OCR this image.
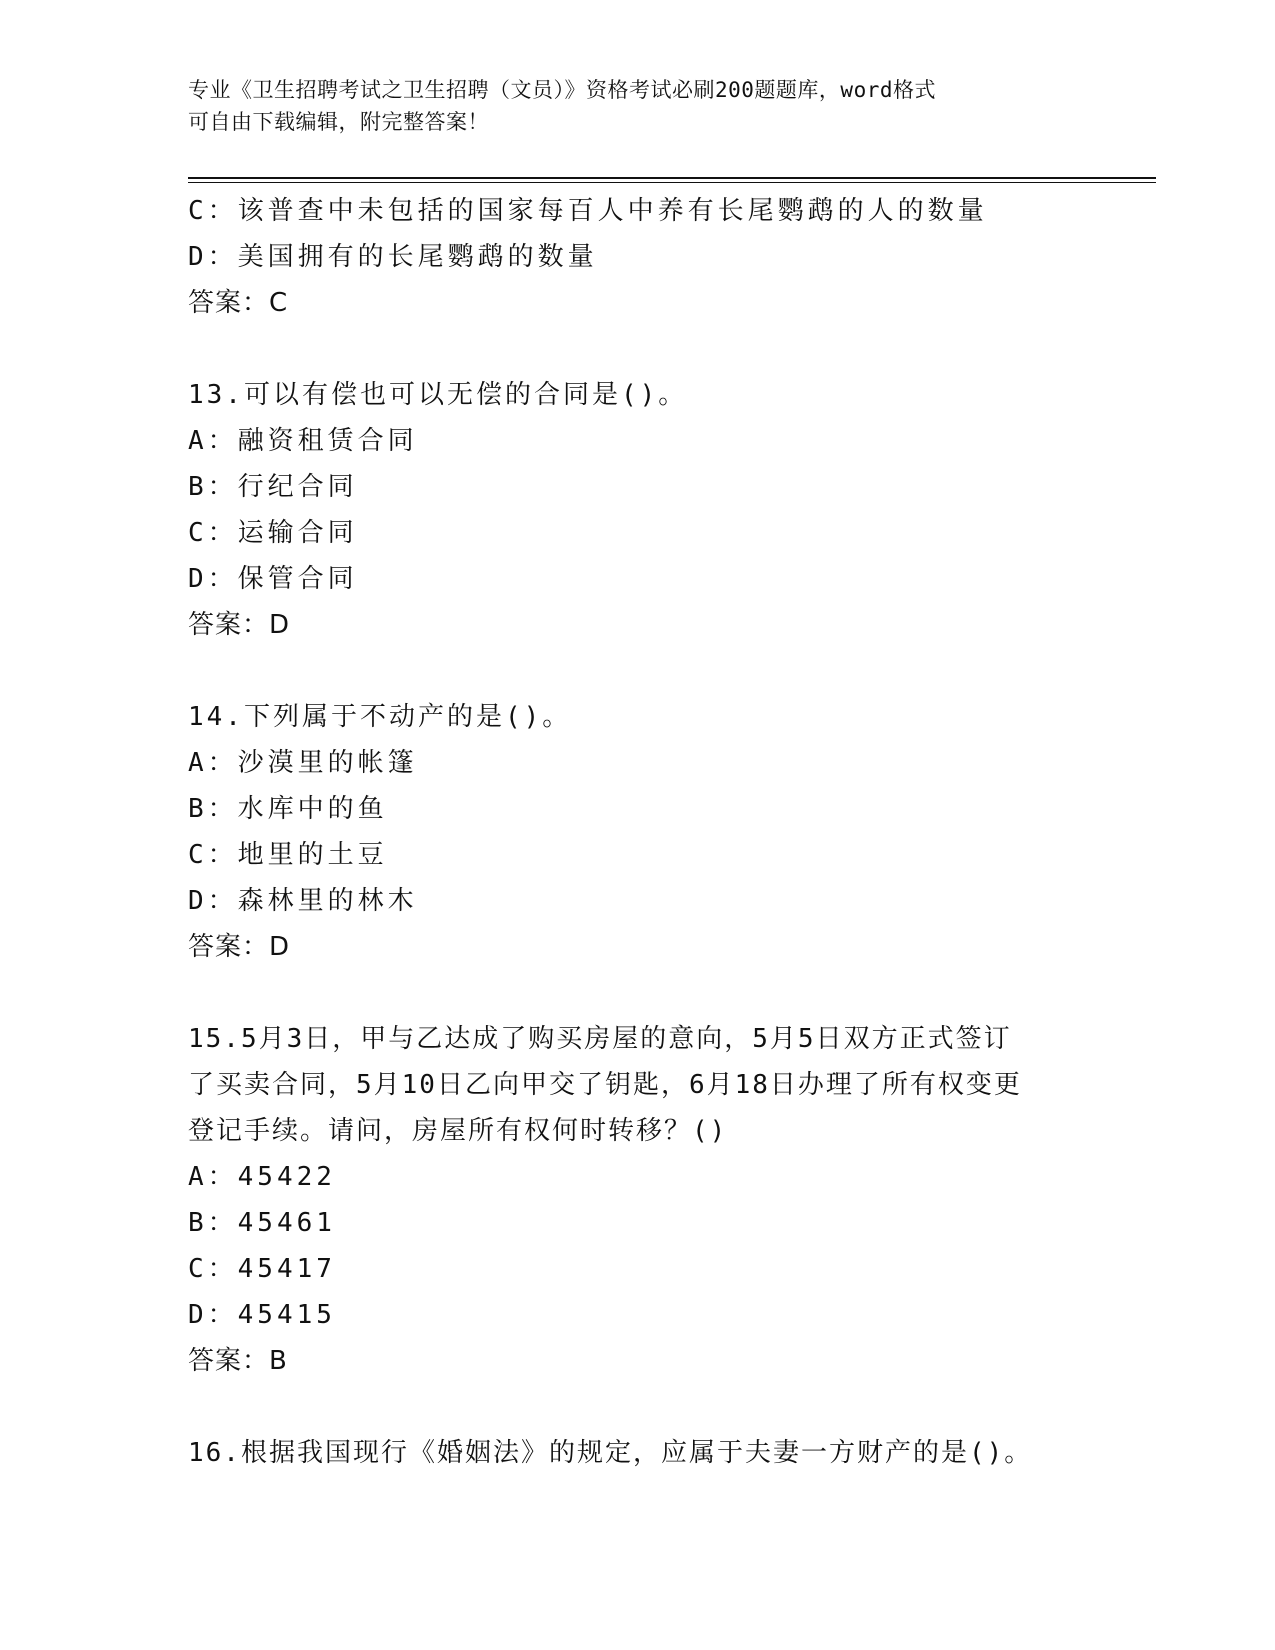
专业《卫生招聘考试之卫生招聘（文员）》资格考试必刷200题题库，word格式
可自由下载编辑，附完整答案！
C：该普查中未包括的国家每百人中养有长尾鹦鹉的人的数量
D：美国拥有的长尾鹦鹉的数量
答案：C
13.可以有偿也可以无偿的合同是()。
A：融资租赁合同
B：行纪合同
C：运输合同
D：保管合同
答案：D
14.下列属于不动产的是()。
A：沙漠里的帐篷
B：水库中的鱼
C：地里的土豆
D：森林里的林木
答案：D
15.5月3日，甲与乙达成了购买房屋的意向，5月5日双方正式签订
了买卖合同，5月10日乙向甲交了钥匙，6月18日办理了所有权变更
登记手续。请问，房屋所有权何时转移？()
A：45422
B：45461
C：45417
D：45415
答案：B
16.根据我国现行《婚姻法》的规定，应属于夫妻一方财产的是()。
